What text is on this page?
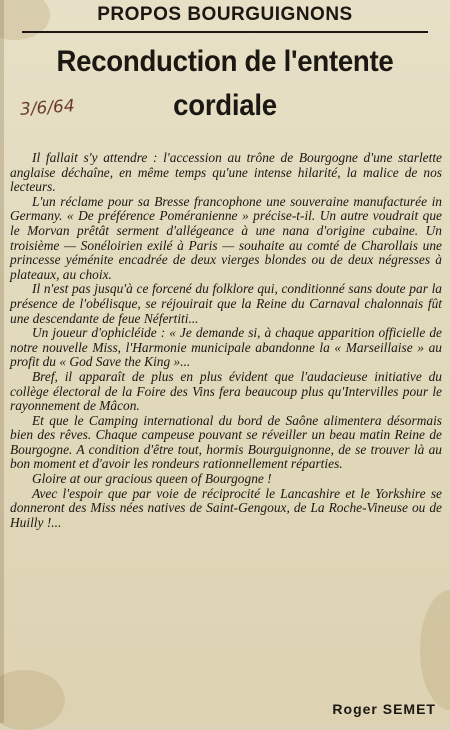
PROPOS BOURGUIGNONS
Reconduction de l'entente
cordiale
3/6/64

Il fallait s'y attendre : l'accession au trône de Bourgogne d'une starlette anglaise déchaîne, en même temps qu'une intense hilarité, la malice de nos lecteurs.

L'un réclame pour sa Bresse francophone une souveraine manufacturée in Germany. « De préférence Poméranienne » précise-t-il. Un autre voudrait que le Morvan prêtât serment d'allégeance à une nana d'origine cubaine. Un troisième — Sonéloirien exilé à Paris — souhaite au comté de Charollais une princesse yéménite encadrée de deux vierges blondes ou de deux négresses à plateaux, au choix.

Il n'est pas jusqu'à ce forcené du folklore qui, conditionné sans doute par la présence de l'obélisque, se réjouirait que la Reine du Carnaval chalonnais fût une descendante de feue Néfertiti...

Un joueur d'ophicléide : « Je demande si, à chaque apparition officielle de notre nouvelle Miss, l'Harmonie municipale abandonne la « Marseillaise » au profit du « God Save the King »...

Bref, il apparaît de plus en plus évident que l'audacieuse initiative du collège électoral de la Foire des Vins fera beaucoup plus qu'Intervilles pour le rayonnement de Mâcon.

Et que le Camping international du bord de Saône alimentera désormais bien des rêves. Chaque campeuse pouvant se réveiller un beau matin Reine de Bourgogne. A condition d'être tout, hormis Bourguignonne, de se trouver là au bon moment et d'avoir les rondeurs rationnellement réparties.

Gloire at our gracious queen of Bourgogne !

Avec l'espoir que par voie de réciprocité le Lancashire et le Yorkshire se donneront des Miss nées natives de Saint-Gengoux, de La Roche-Vineuse ou de Huilly !...

Roger SEMET
